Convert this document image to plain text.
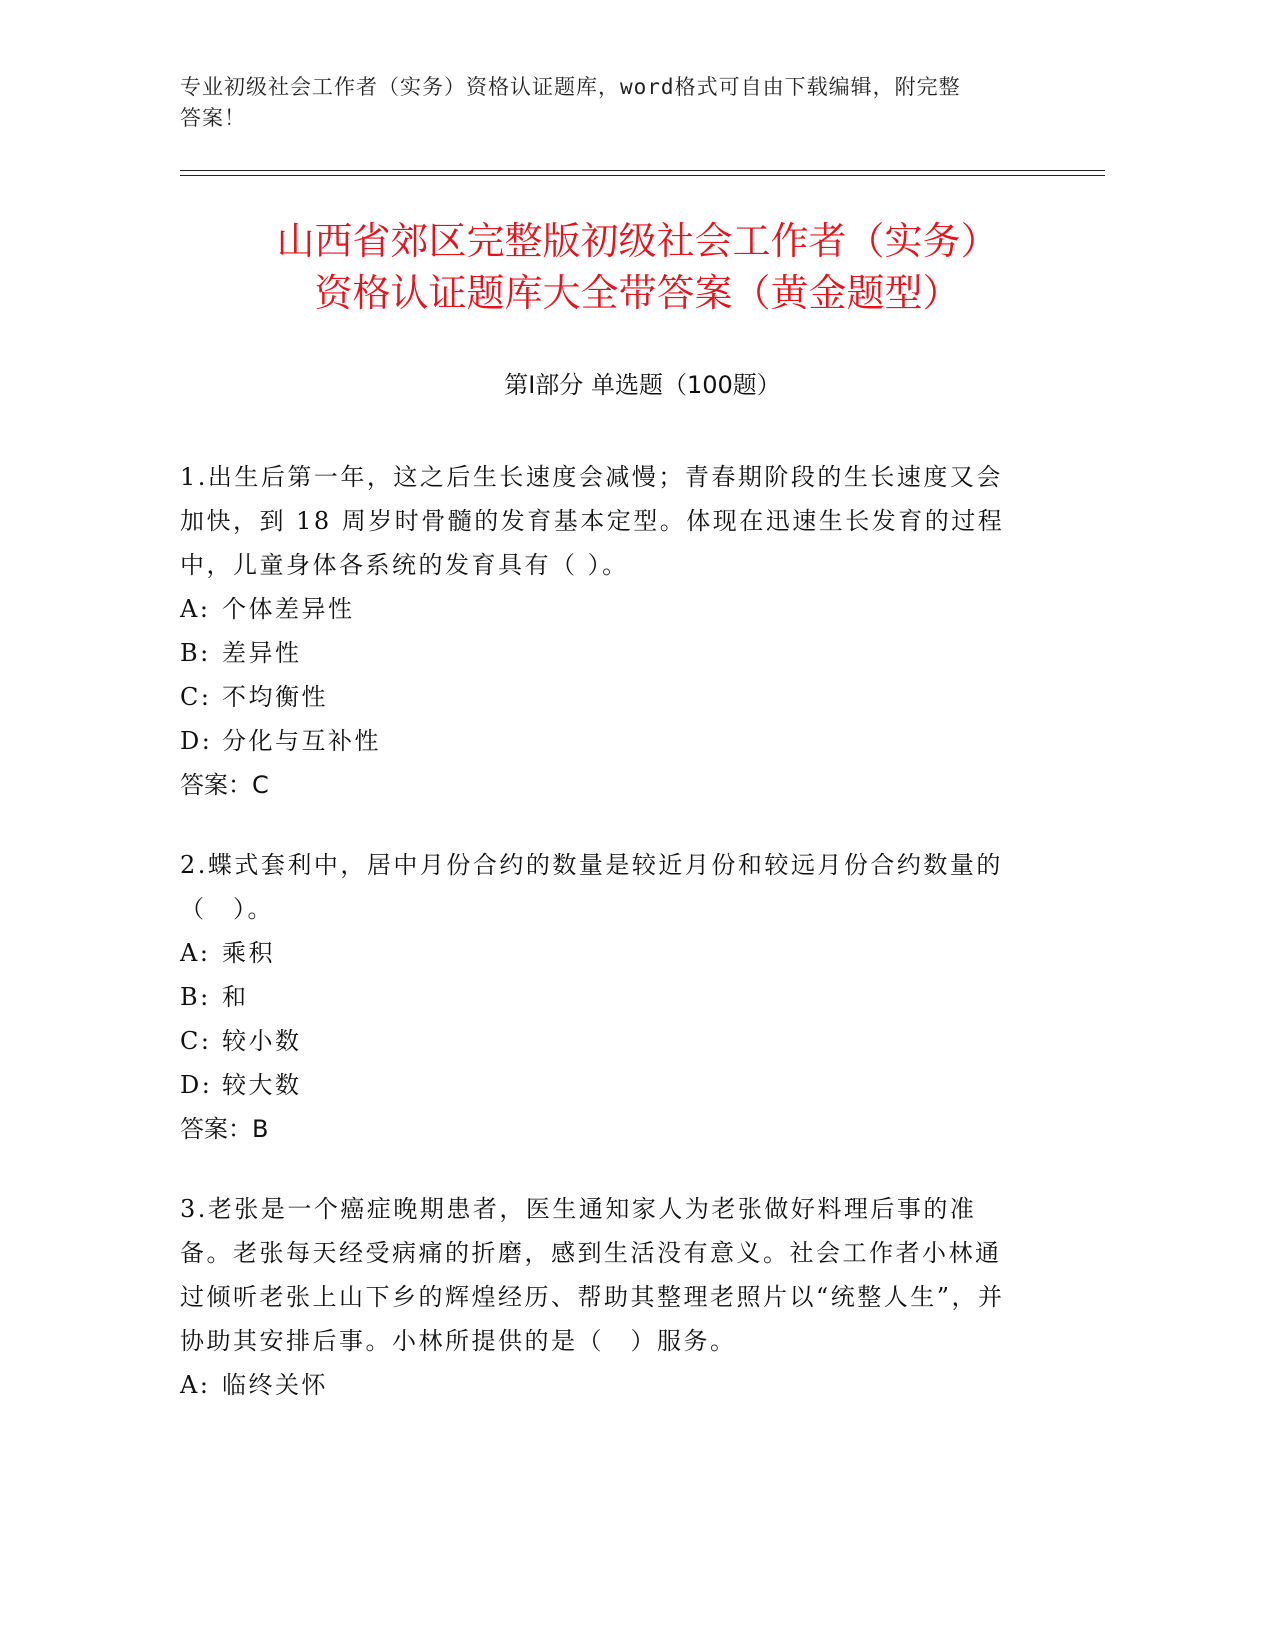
专业初级社会工作者（实务）资格认证题库，word格式可自由下载编辑，附完整
答案！
山西省郊区完整版初级社会工作者（实务）
资格认证题库大全带答案（黄金题型）
第Ⅰ部分 单选题（100题）
1.出生后第一年，这之后生长速度会减慢；青春期阶段的生长速度又会加快，到 18 周岁时骨髓的发育基本定型。体现在迅速生长发育的过程中，儿童身体各系统的发育具有（ ）。
A: 个体差异性
B: 差异性
C: 不均衡性
D: 分化与互补性
答案：C
2.蝶式套利中，居中月份合约的数量是较近月份和较远月份合约数量的（　）。
A: 乘积
B: 和
C: 较小数
D: 较大数
答案：B
3.老张是一个癌症晚期患者，医生通知家人为老张做好料理后事的准备。老张每天经受病痛的折磨，感到生活没有意义。社会工作者小林通过倾听老张上山下乡的辉煌经历、帮助其整理老照片以“统整人生”，并协助其安排后事。小林所提供的是（　）服务。
A: 临终关怀
